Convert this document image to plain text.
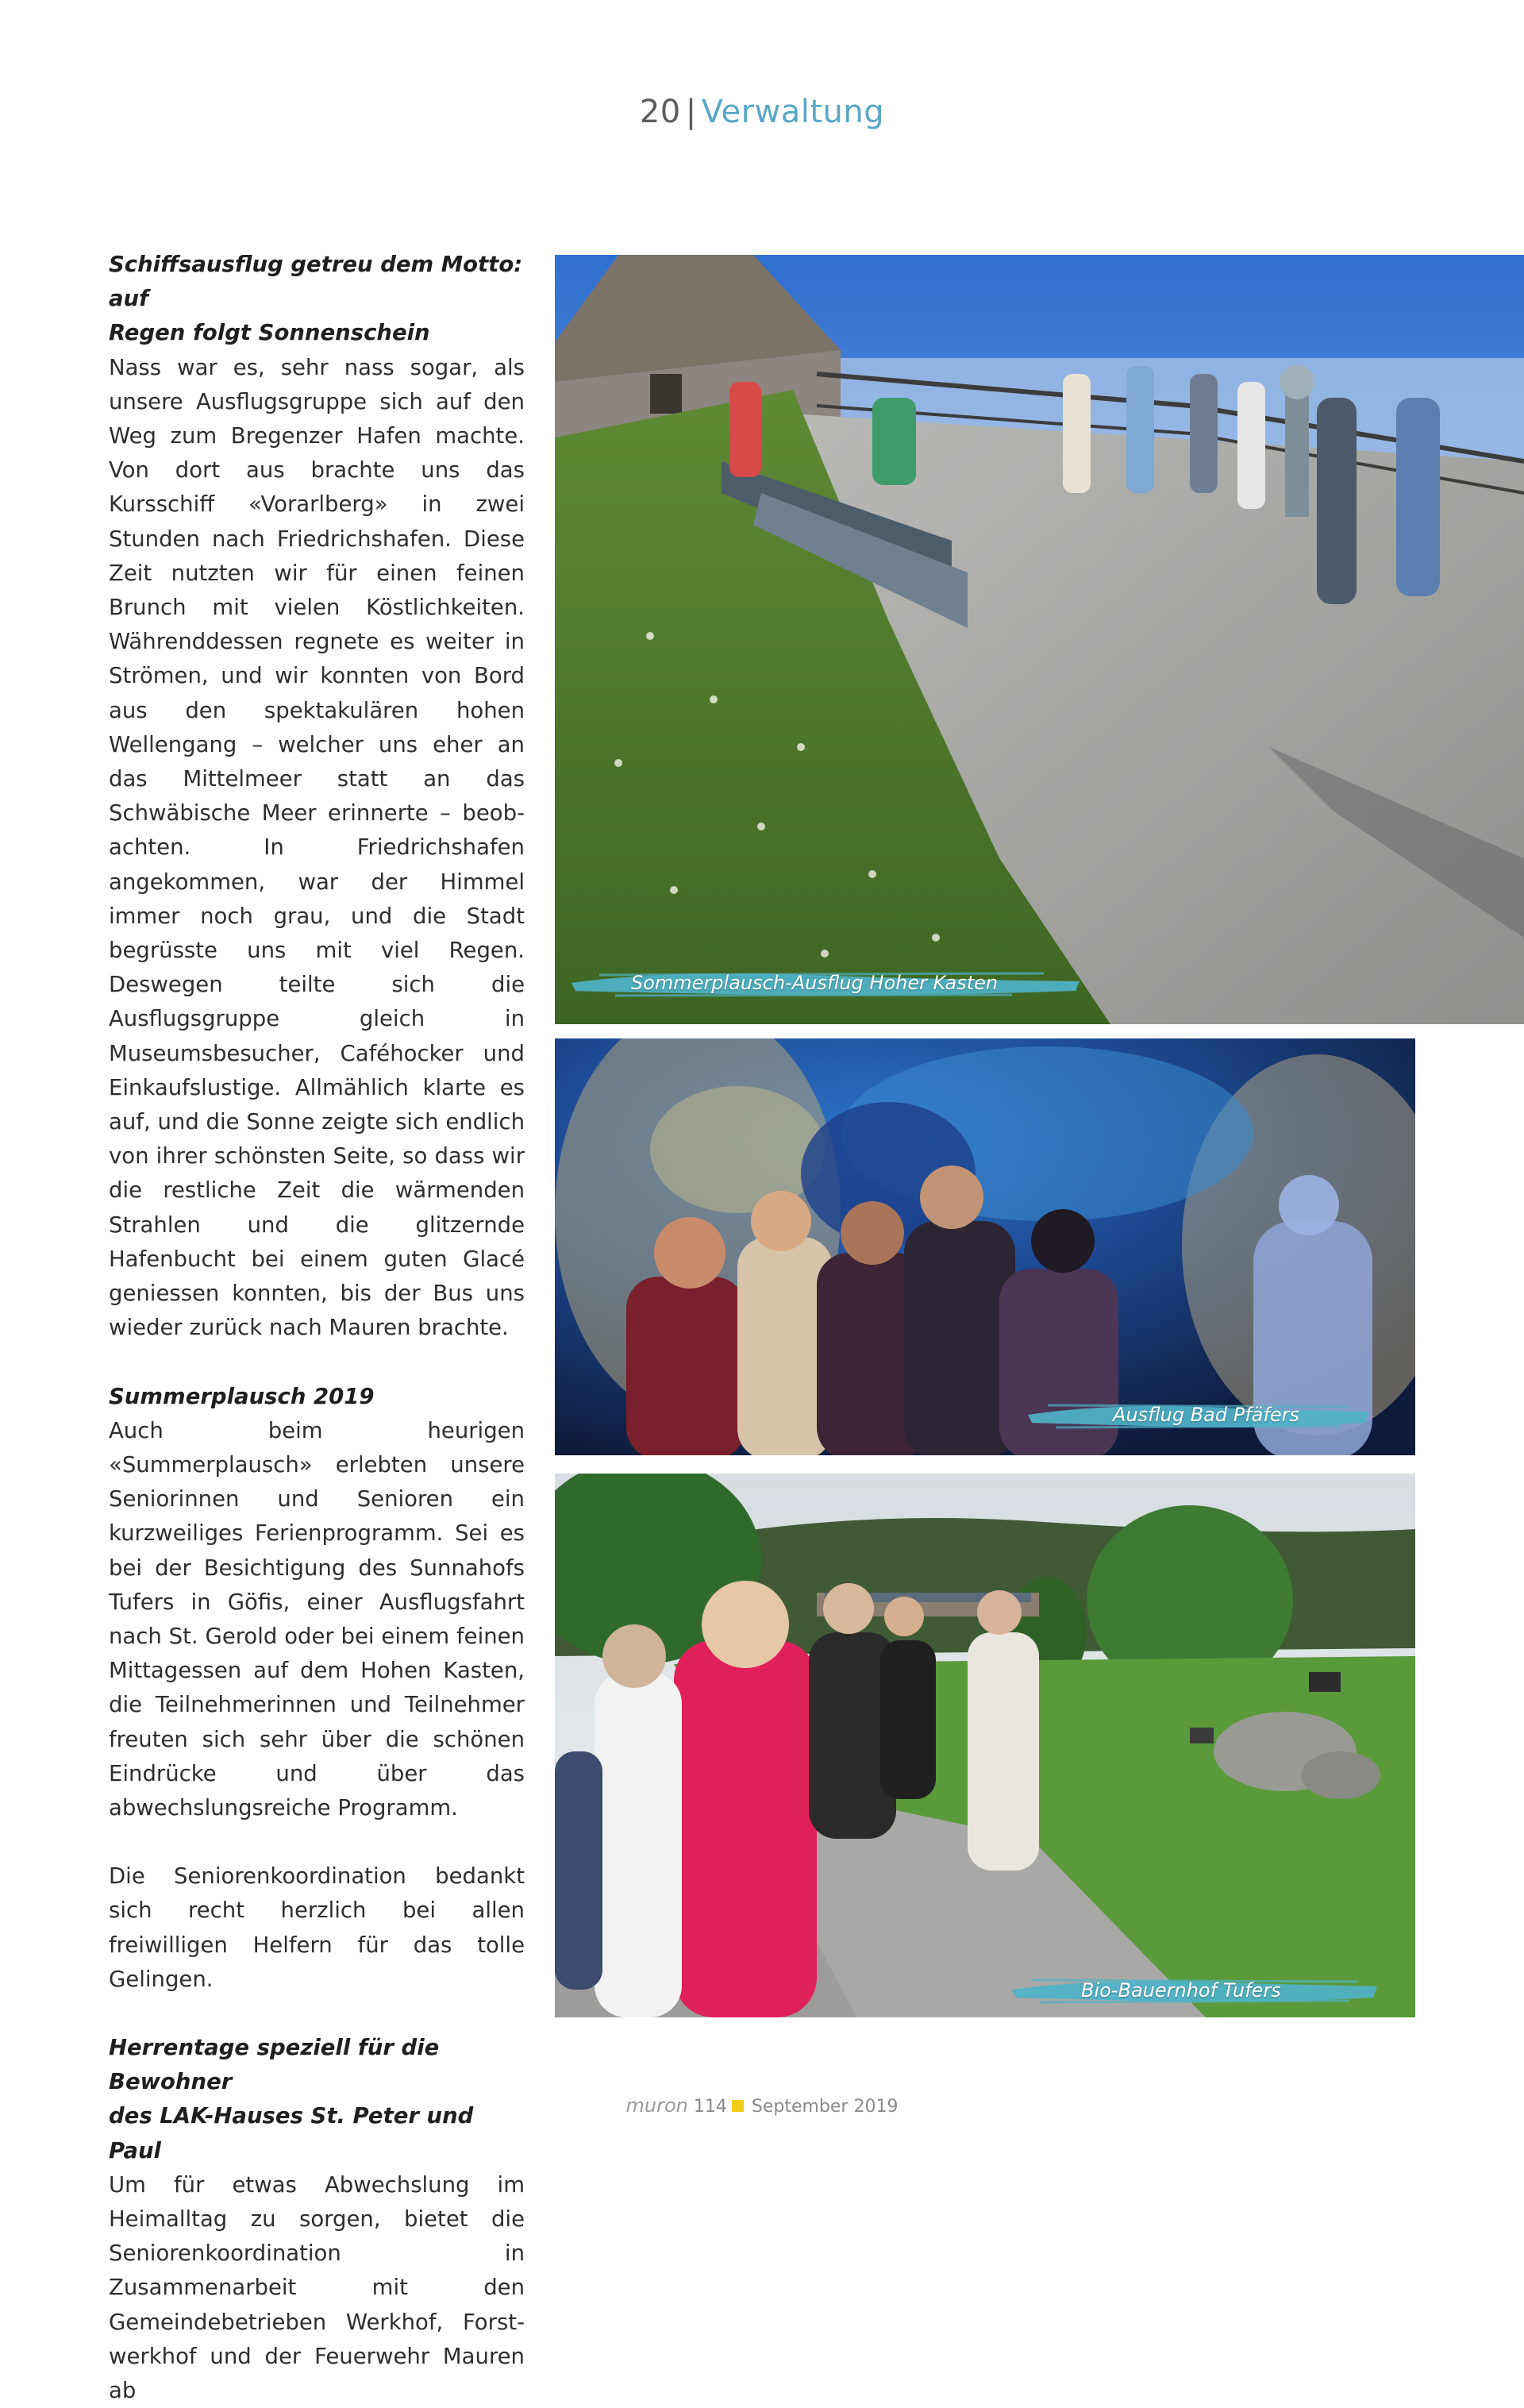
20 | Verwaltung
Schiffsausflug getreu dem Motto: auf
Regen folgt Sonnenschein

Nass war es, sehr nass sogar, als unsere Ausflugsgruppe sich auf den Weg zum Bregenzer Hafen machte. Von dort aus brachte uns das Kursschiff «Vorarlberg» in zwei Stunden nach Friedrichshafen. Diese Zeit nutzten wir für einen feinen Brunch mit vielen Köstlichkeiten. Währenddessen regnete es weiter in Strömen, und wir konnten von Bord aus den spektakulären hohen Wellengang – welcher uns eher an das Mittelmeer statt an das Schwäbische Meer erinnerte – beobachten. In Friedrichshafen angekommen, war der Himmel immer noch grau, und die Stadt begrüsste uns mit viel Regen. Deswegen teilte sich die Ausflugsgruppe gleich in Museumsbesucher, Caféhocker und Einkaufslustige. Allmählich klarte es auf, und die Sonne zeigte sich endlich von ihrer schönsten Seite, so dass wir die restliche Zeit die wärmenden Strahlen und die glitzernde Hafenbucht bei einem guten Glacé geniessen konnten, bis der Bus uns wieder zurück nach Mauren brachte.

Summerplausch 2019

Auch beim heurigen «Summerplausch» erlebten unsere Seniorinnen und Senioren ein kurzweiliges Ferienprogramm. Sei es bei der Besichtigung des Sunnahofs Tufers in Göfis, einer Ausflugsfahrt nach St. Gerold oder bei einem feinen Mittagessen auf dem Hohen Kasten, die Teilnehmerinnen und Teilnehmer freuten sich sehr über die schönen Eindrücke und über das abwechslungsreiche Programm.

Die Seniorenkoordination bedankt sich recht herzlich bei allen freiwilligen Helfern für das tolle Gelingen.

Herrentage speziell für die Bewohner
des LAK-Hauses St. Peter und Paul

Um für etwas Abwechslung im Heimalltag zu sorgen, bietet die Seniorenkoordination in Zusammenarbeit mit den Gemeindebetrieben Werkhof, Forstwerkhof und der Feuerwehr Mauren ab

Sommerplausch-Ausflug Hoher Kasten
Ausflug Bad Pfäfers
Bio-Bauernhof Tufers
muron 114 September 2019
